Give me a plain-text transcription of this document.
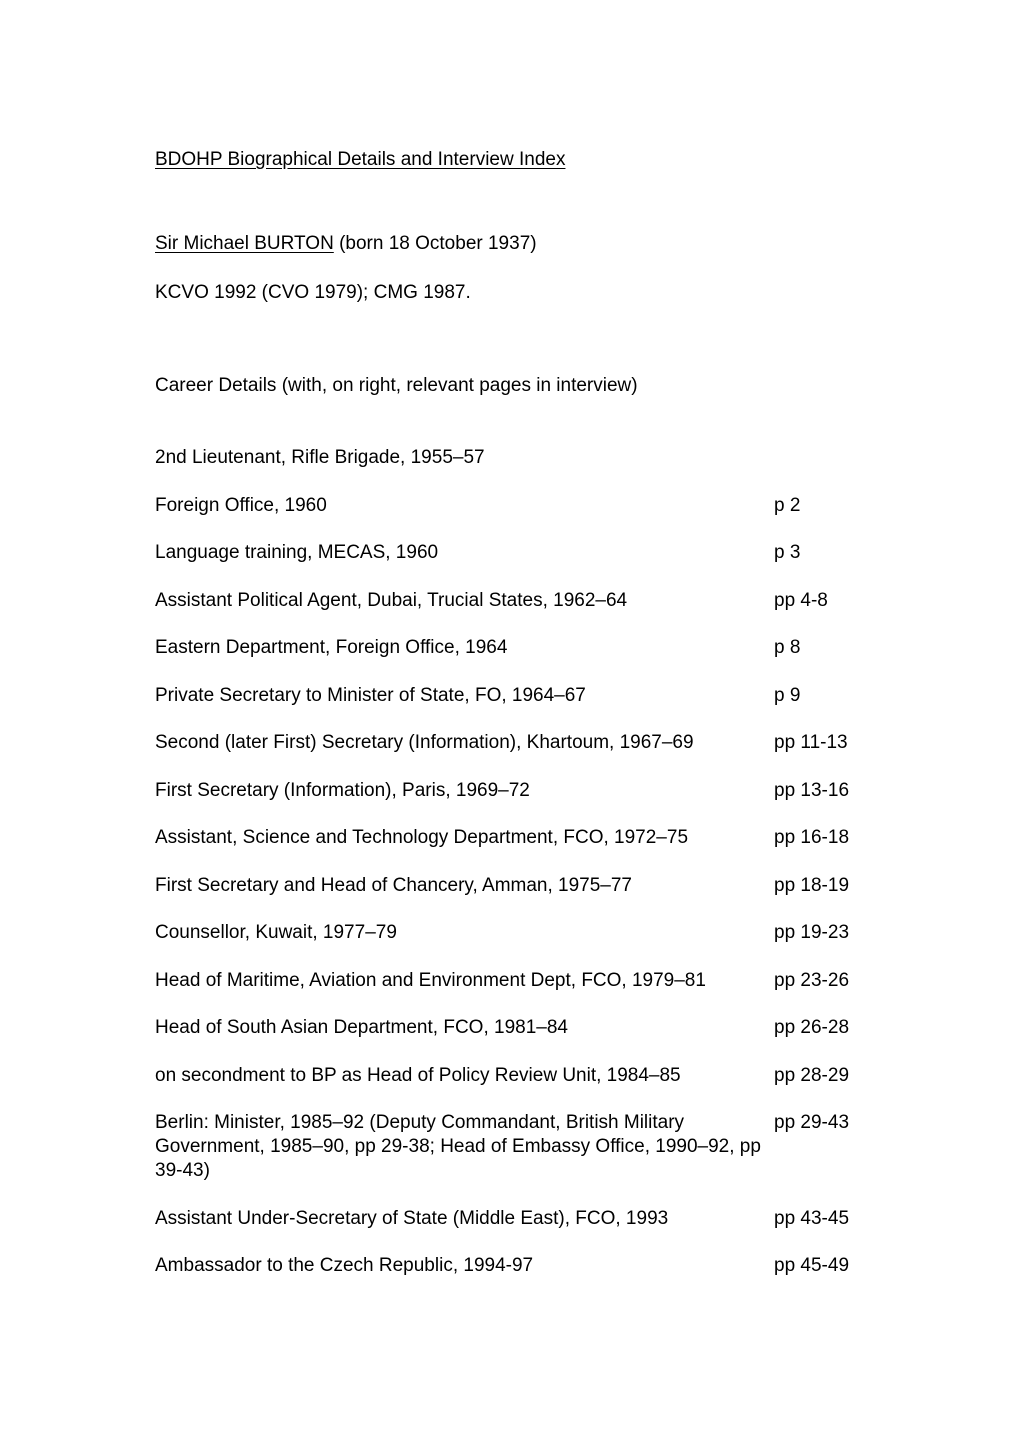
BDOHP Biographical Details and Interview Index

Sir Michael BURTON (born 18 October 1937)

KCVO 1992 (CVO 1979); CMG 1987.

Career Details (with, on right, relevant pages in interview)

2nd Lieutenant, Rifle Brigade, 1955–57
Foreign Office, 1960	p 2
Language training, MECAS, 1960	p 3
Assistant Political Agent, Dubai, Trucial States, 1962–64	pp 4-8
Eastern Department, Foreign Office, 1964	p 8
Private Secretary to Minister of State, FO, 1964–67	p 9
Second (later First) Secretary (Information), Khartoum, 1967–69	pp 11-13
First Secretary (Information), Paris, 1969–72	pp 13-16
Assistant, Science and Technology Department, FCO, 1972–75	pp 16-18
First Secretary and Head of Chancery, Amman, 1975–77	pp 18-19
Counsellor, Kuwait, 1977–79	pp 19-23
Head of Maritime, Aviation and Environment Dept, FCO, 1979–81	pp 23-26
Head of South Asian Department, FCO, 1981–84	pp 26-28
on secondment to BP as Head of Policy Review Unit, 1984–85	pp 28-29
Berlin: Minister, 1985–92 (Deputy Commandant, British Military Government, 1985–90, pp 29-38; Head of Embassy Office, 1990–92, pp 39-43)
pp 29-43
Assistant Under-Secretary of State (Middle East), FCO, 1993	pp 43-45
Ambassador to the Czech Republic, 1994-97	pp 45-49
